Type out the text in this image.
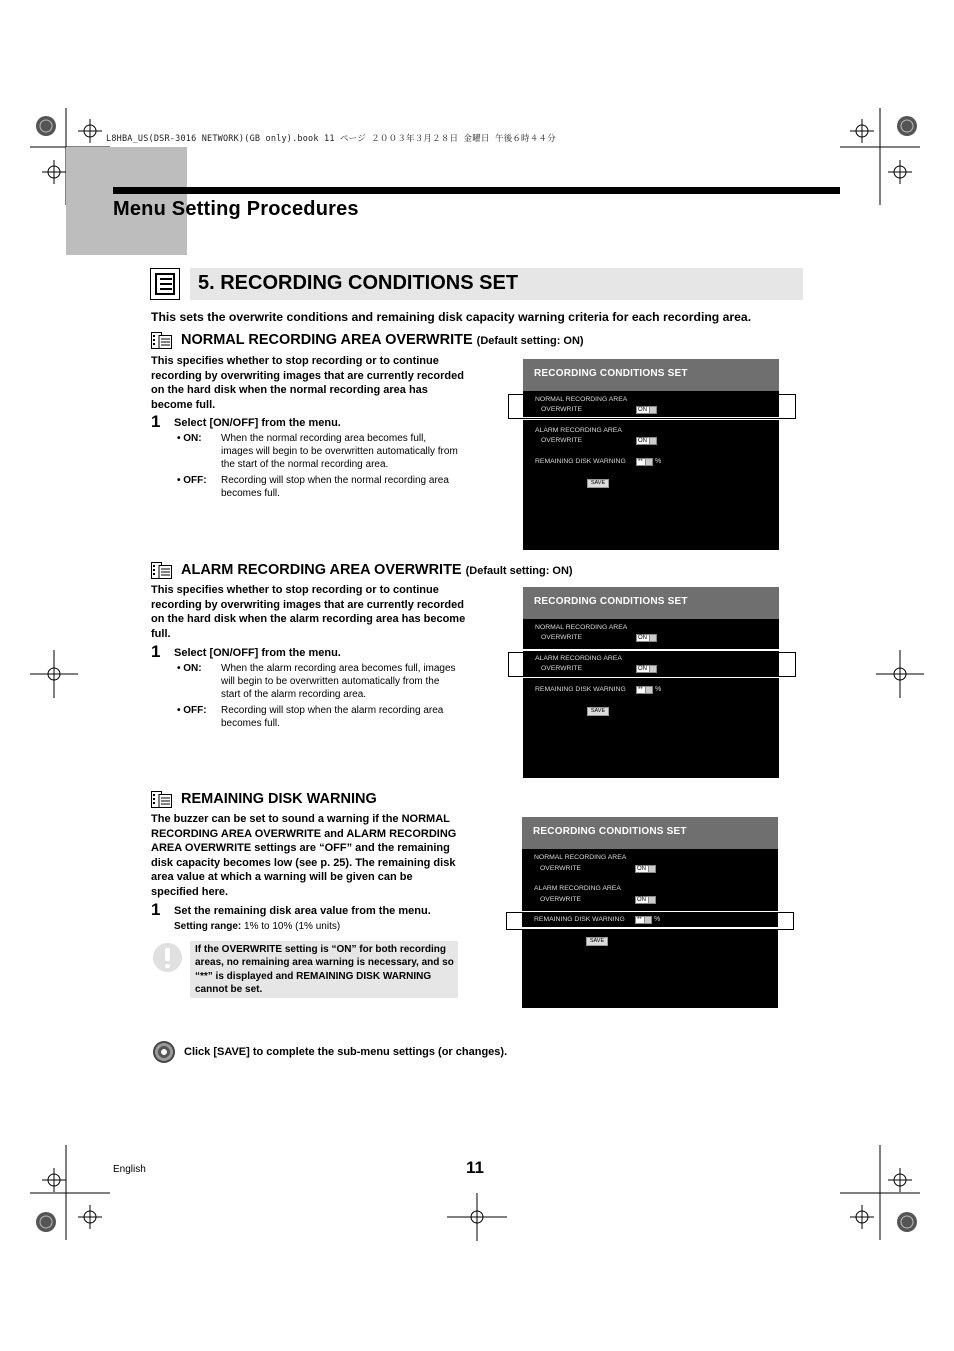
L8HBA_US(DSR-3016 NETWORK)(GB only).book 11 ページ ２００３年３月２８日 金曜日 午後６時４４分
Menu Setting Procedures
5. RECORDING CONDITIONS SET
This sets the overwrite conditions and remaining disk capacity warning criteria for each recording area.
NORMAL RECORDING AREA OVERWRITE (Default setting: ON)
This specifies whether to stop recording or to continue recording by overwriting images that are currently recorded on the hard disk when the normal recording area has become full.
1 Select [ON/OFF] from the menu.
• ON: When the normal recording area becomes full, images will begin to be overwritten automatically from the start of the normal recording area.
• OFF: Recording will stop when the normal recording area becomes full.
RECORDING CONDITIONS SET
NORMAL RECORDING AREA
OVERWRITE	ON
ALARM RECORDING AREA
OVERWRITE	ON
REMAINING DISK WARNING	**	%
SAVE
ALARM RECORDING AREA OVERWRITE (Default setting: ON)
This specifies whether to stop recording or to continue recording by overwriting images that are currently recorded on the hard disk when the alarm recording area has become full.
1 Select [ON/OFF] from the menu.
• ON: When the alarm recording area becomes full, images will begin to be overwritten automatically from the start of the alarm recording area.
• OFF: Recording will stop when the alarm recording area becomes full.
RECORDING CONDITIONS SET
NORMAL RECORDING AREA
OVERWRITE	ON
ALARM RECORDING AREA
OVERWRITE	ON
REMAINING DISK WARNING	**	%
SAVE
REMAINING DISK WARNING
The buzzer can be set to sound a warning if the NORMAL RECORDING AREA OVERWRITE and ALARM RECORDING AREA OVERWRITE settings are “OFF” and the remaining disk capacity becomes low (see p. 25). The remaining disk area value at which a warning will be given can be specified here.
1 Set the remaining disk area value from the menu.
Setting range: 1% to 10% (1% units)
If the OVERWRITE setting is “ON” for both recording areas, no remaining area warning is necessary, and so “**” is displayed and REMAINING DISK WARNING cannot be set.
RECORDING CONDITIONS SET
NORMAL RECORDING AREA
OVERWRITE	ON
ALARM RECORDING AREA
OVERWRITE	ON
REMAINING DISK WARNING	**	%
SAVE
Click [SAVE] to complete the sub-menu settings (or changes).
English	11
